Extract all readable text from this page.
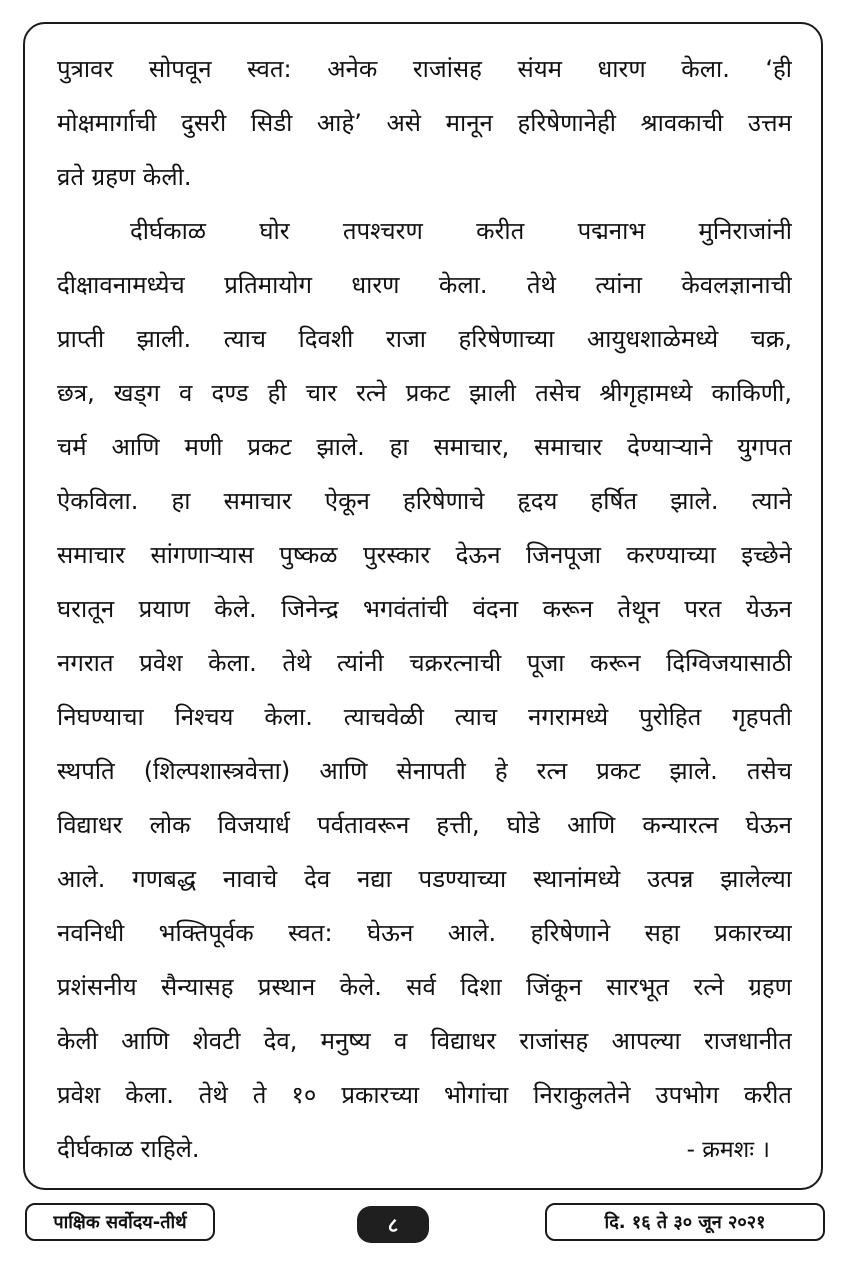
पुत्रावर सोपवून स्वत: अनेक राजांसह संयम धारण केला. ‘ही
मोक्षमार्गाची दुसरी सिडी आहे’ असे मानून हरिषेणानेही श्रावकाची उत्तम
व्रते ग्रहण केली.
दीर्घकाळ घोर तपश्चरण करीत पद्मनाभ मुनिराजांनी
दीक्षावनामध्येच प्रतिमायोग धारण केला. तेथे त्यांना केवलज्ञानाची
प्राप्ती झाली. त्याच दिवशी राजा हरिषेणाच्या आयुधशाळेमध्ये चक्र,
छत्र, खड्ग व दण्ड ही चार रत्ने प्रकट झाली तसेच श्रीगृहामध्ये काकिणी,
चर्म आणि मणी प्रकट झाले. हा समाचार, समाचार देण्याऱ्याने युगपत
ऐकविला. हा समाचार ऐकून हरिषेणाचे हृदय हर्षित झाले. त्याने
समाचार सांगणाऱ्यास पुष्कळ पुरस्कार देऊन जिनपूजा करण्याच्या इच्छेने
घरातून प्रयाण केले. जिनेन्द्र भगवंतांची वंदना करून तेथून परत येऊन
नगरात प्रवेश केला. तेथे त्यांनी चक्ररत्नाची पूजा करून दिग्विजयासाठी
निघण्याचा निश्चय केला. त्याचवेळी त्याच नगरामध्ये पुरोहित गृहपती
स्थपति (शिल्पशास्त्रवेत्ता) आणि सेनापती हे रत्न प्रकट झाले. तसेच
विद्याधर लोक विजयार्ध पर्वतावरून हत्ती, घोडे आणि कन्यारत्न घेऊन
आले. गणबद्ध नावाचे देव नद्या पडण्याच्या स्थानांमध्ये उत्पन्न झालेल्या
नवनिधी भक्तिपूर्वक स्वत: घेऊन आले. हरिषेणाने सहा प्रकारच्या
प्रशंसनीय सैन्यासह प्रस्थान केले. सर्व दिशा जिंकून सारभूत रत्ने ग्रहण
केली आणि शेवटी देव, मनुष्य व विद्याधर राजांसह आपल्या राजधानीत
प्रवेश केला. तेथे ते १० प्रकारच्या भोगांचा निराकुलतेने उपभोग करीत
दीर्घकाळ राहिले.	- क्रमशः ।
पाक्षिक सर्वोदय-तीर्थ	८	दि. १६ ते ३० जून २०२१
